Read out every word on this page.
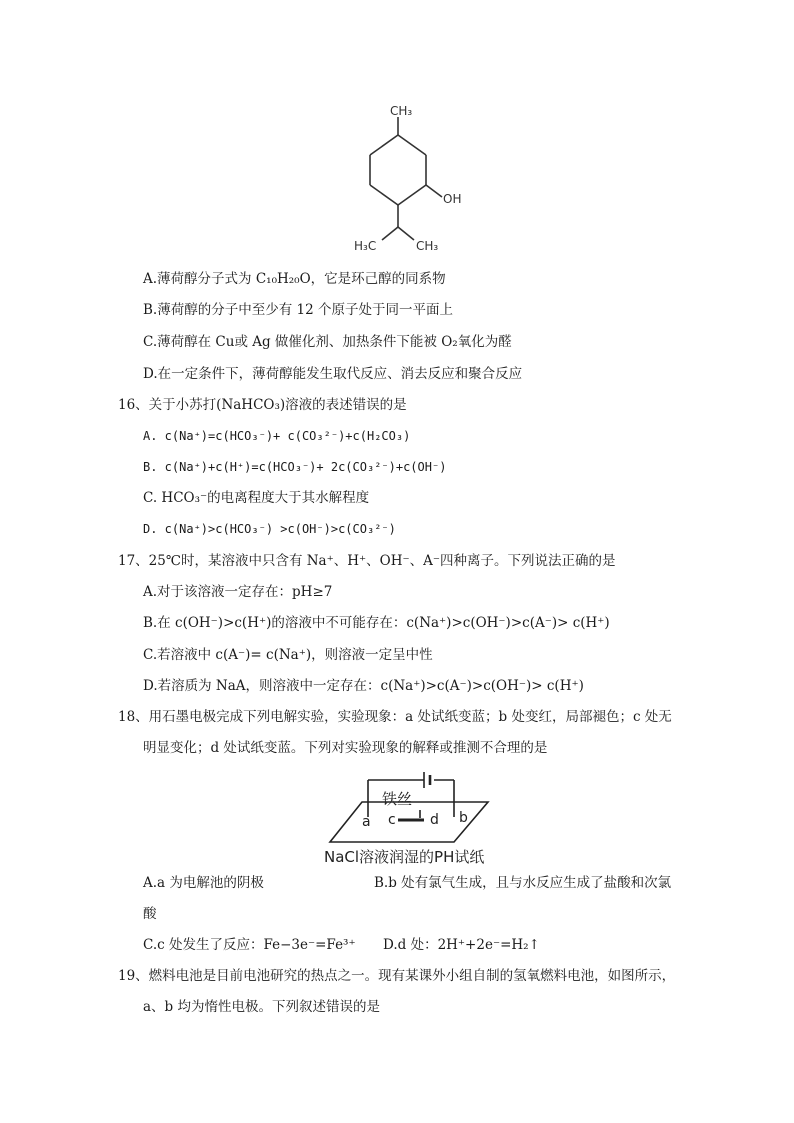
CH₃
OH
H₃C	CH₃
A.薄荷醇分子式为 C₁₀H₂₀O，它是环己醇的同系物
B.薄荷醇的分子中至少有 12 个原子处于同一平面上
C.薄荷醇在 Cu或 Ag 做催化剂、加热条件下能被 O₂氧化为醛
D.在一定条件下，薄荷醇能发生取代反应、消去反应和聚合反应
16、关于小苏打(NaHCO₃)溶液的表述错误的是
A. c(Na⁺)=c(HCO₃⁻)+ c(CO₃²⁻)+c(H₂CO₃)
B. c(Na⁺)+c(H⁺)=c(HCO₃⁻)+ 2c(CO₃²⁻)+c(OH⁻)
C. HCO₃⁻的电离程度大于其水解程度
D. c(Na⁺)>c(HCO₃⁻) >c(OH⁻)>c(CO₃²⁻)
17、25℃时，某溶液中只含有 Na⁺、H⁺、OH⁻、A⁻四种离子。下列说法正确的是
A.对于该溶液一定存在：pH≥7
B.在 c(OH⁻)>c(H⁺)的溶液中不可能存在：c(Na⁺)>c(OH⁻)>c(A⁻)> c(H⁺)
C.若溶液中 c(A⁻)= c(Na⁺)，则溶液一定呈中性
D.若溶质为 NaA，则溶液中一定存在：c(Na⁺)>c(A⁻)>c(OH⁻)> c(H⁺)
18、用石墨电极完成下列电解实验，实验现象：a 处试纸变蓝；b 处变红，局部褪色；c 处无
明显变化；d 处试纸变蓝。下列对实验现象的解释或推测不合理的是
铁丝
a	b
c d
NaCl溶液润湿的PH试纸
A.a 为电解池的阴极	B.b 处有氯气生成，且与水反应生成了盐酸和次氯
酸
C.c 处发生了反应：Fe−3e⁻=Fe³⁺ D.d 处：2H⁺+2e⁻=H₂↑
19、燃料电池是目前电池研究的热点之一。现有某课外小组自制的氢氧燃料电池，如图所示，
a、b 均为惰性电极。下列叙述错误的是
